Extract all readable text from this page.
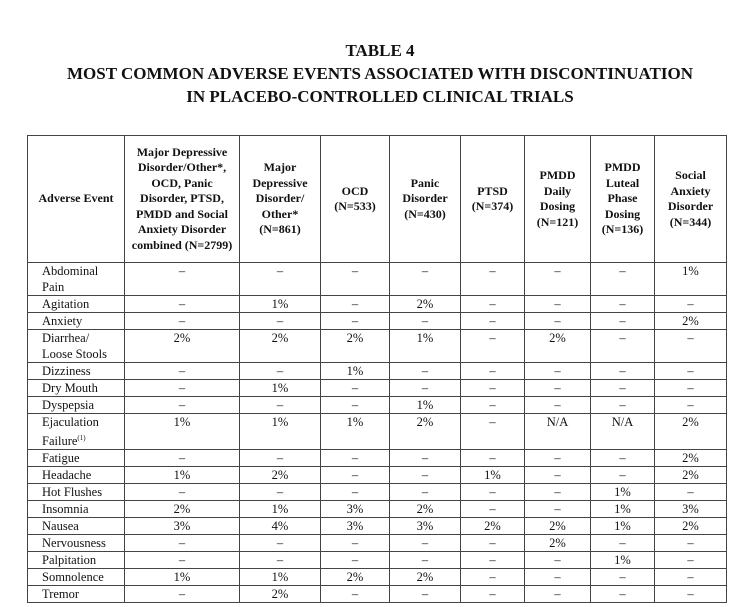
TABLE 4
MOST COMMON ADVERSE EVENTS ASSOCIATED WITH DISCONTINUATION
IN PLACEBO-CONTROLLED CLINICAL TRIALS
Adverse Event	Major Depressive Disorder/Other*, OCD, Panic Disorder, PTSD, PMDD and Social Anxiety Disorder combined (N=2799)	Major Depressive Disorder/ Other* (N=861)	OCD (N=533)	Panic Disorder (N=430)	PTSD (N=374)	PMDD Daily Dosing (N=121)	PMDD Luteal Phase Dosing (N=136)	Social Anxiety Disorder (N=344)
Abdominal Pain	–	–	–	–	–	–	–	1%
Agitation	–	1%	–	2%	–	–	–	–
Anxiety	–	–	–	–	–	–	–	2%
Diarrhea/ Loose Stools	2%	2%	2%	1%	–	2%	–	–
Dizziness	–	–	1%	–	–	–	–	–
Dry Mouth	–	1%	–	–	–	–	–	–
Dyspepsia	–	–	–	1%	–	–	–	–
Ejaculation Failure$^{(1)}$	1%	1%	1%	2%	–	N/A	N/A	2%
Fatigue	–	–	–	–	–	–	–	2%
Headache	1%	2%	–	–	1%	–	–	2%
Hot Flushes	–	–	–	–	–	–	1%	–
Insomnia	2%	1%	3%	2%	–	–	1%	3%
Nausea	3%	4%	3%	3%	2%	2%	1%	2%
Nervousness	–	–	–	–	–	2%	–	–
Palpitation	–	–	–	–	–	–	1%	–
Somnolence	1%	1%	2%	2%	–	–	–	–
Tremor	–	2%	–	–	–	–	–	–
